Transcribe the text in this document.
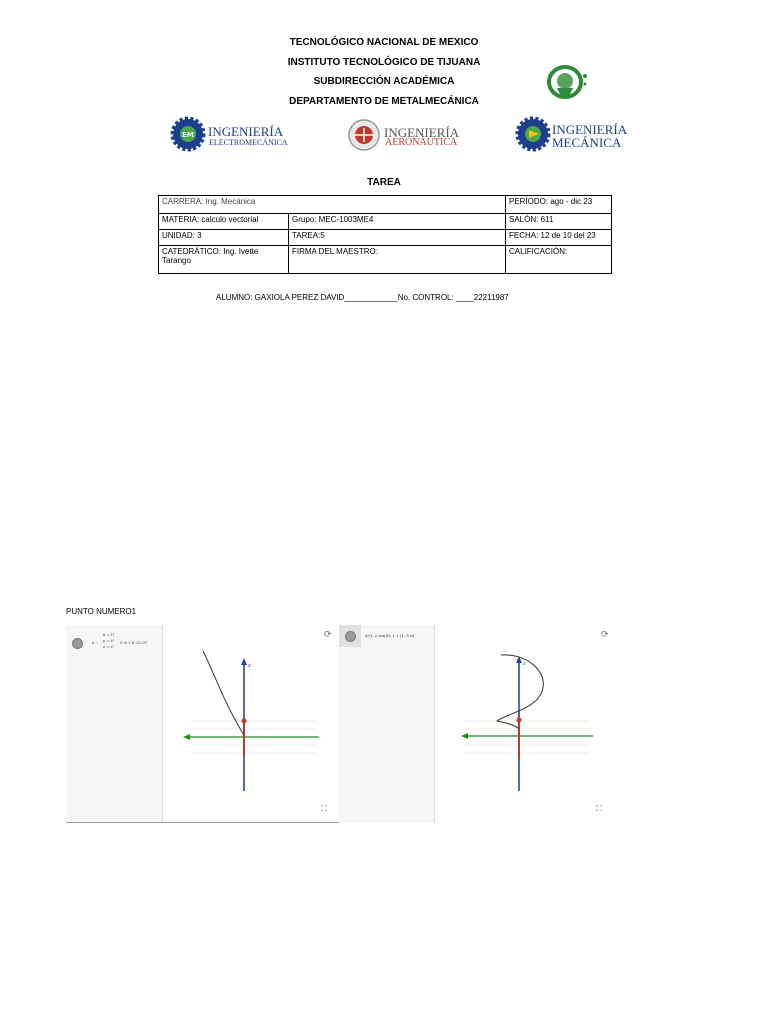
TECNOLÓGICO NACIONAL DE MEXICO
INSTITUTO TECNOLÓGICO DE TIJUANA
SUBDIRECCIÓN ACADÉMICA
DEPARTAMENTO DE METALMECÁNICA
EM INGENIERÍA
ELECTROMECÁNICA
INGENIERÍA
AERONÁUTICA
INGENIERÍA
MECÁNICA
TAREA
CARRERA: Ing. Mecánica		PERÍODO: ago - dic 23
MATERIA: calculo vectorial	Grupo: MEC-1003ME4	SALÓN: 611
UNIDAD: 3	TAREA:5	FECHA: 12 de 10 del 23
CATEDRÁTICO: Ing. Ivette Tarango	FIRMA DEL MAESTRO:	CALIFICACIÓN:
ALUMNO: GAXIOLA PEREZ DAVID____________No. CONTROL: ____22211987
PUNTO NUMERO1
a :
x = t³
y = t²
z = t²
0 ≤ t ≤ 32.97
z
⟳
⛶
a(t), 2 sen(t), t, t (1, 6 π)
z
⟳
⛶
